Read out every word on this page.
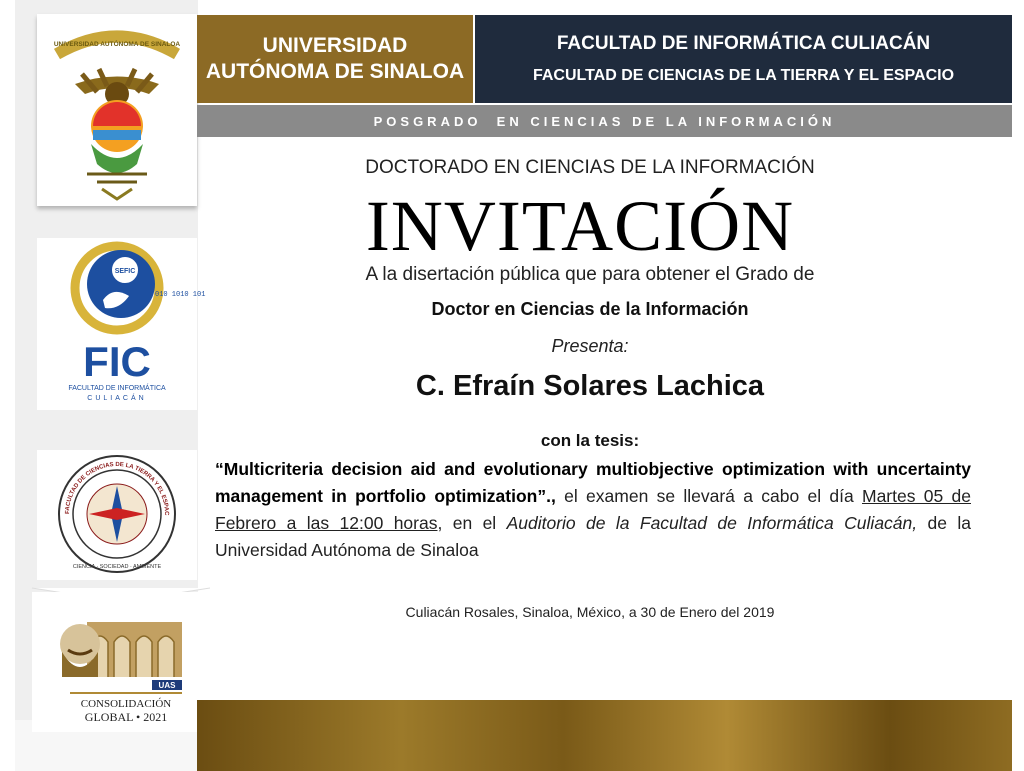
UNIVERSIDAD AUTÓNOMA DE SINALOA
SEFIC
010 1010 101
FIC
FACULTAD DE INFORMÁTICA
CULIACÁN
FACULTAD DE CIENCIAS DE LA TIERRA Y EL ESPAC
CIENCIA · SOCIEDAD · AMBIENTE
UAS
CONSOLIDACIÓN
GLOBAL • 2021
UNIVERSIDAD
AUTÓNOMA DE SINALOA
FACULTAD DE INFORMÁTICA CULIACÁN
FACULTAD DE CIENCIAS DE LA TIERRA Y EL ESPACIO
POSGRADO  EN CIENCIAS DE LA INFORMACIÓN
DOCTORADO EN CIENCIAS DE LA INFORMACIÓN
INVITACIÓN
A la disertación pública que para obtener el Grado de
Doctor en Ciencias de la Información
Presenta:
C. Efraín Solares Lachica
con la tesis:
“Multicriteria decision aid and evolutionary multiobjective optimization with uncertainty management in portfolio optimization”., el examen se llevará a cabo el día Martes 05 de Febrero a las 12:00 horas, en el Auditorio de la Facultad de Informática Culiacán, de la Universidad Autónoma de Sinaloa
Culiacán Rosales, Sinaloa, México, a 30 de Enero del 2019
